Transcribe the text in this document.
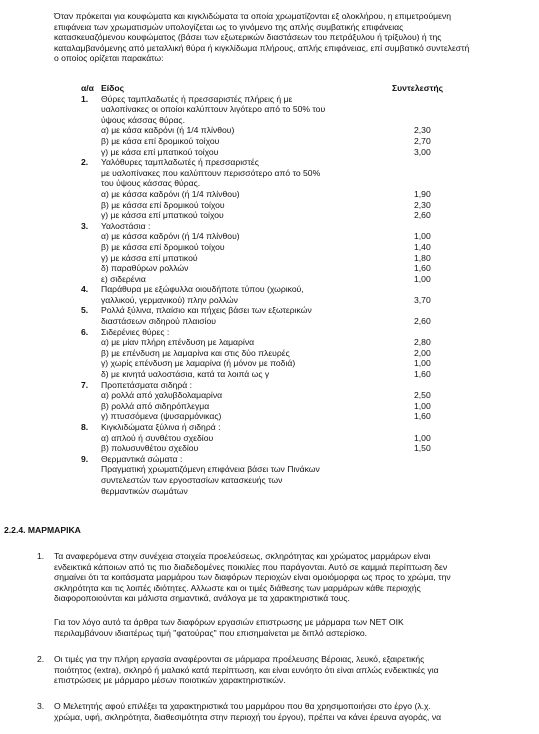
Όταν πρόκειται για κουφώματα και κιγκλιδώματα τα οποία χρωματίζονται εξ ολοκλήρου, η επιμετρούμενη
επιφάνεια των χρωματισμών υπολογίζεται ως το γινόμενο της απλής συμβατικής επιφάνειας
κατασκευαζόμενου κουφώματος (βάσει των εξωτερικών διαστάσεων του πετράξυλου ή τρίξυλου) ή της
καταλαμβανόμενης από μεταλλική θύρα ή κιγκλίδωμα πλήρους, απλής επιφάνειας, επί συμβατικό συντελεστή
ο οποίος ορίζεται παρακάτω:
α/α Είδος	Συντελεστής
1. Θύρες ταμπλαδωτές ή πρεσσαριστές πλήρεις ή με
υαλοπίνακες οι οποίοι καλύπτουν λιγότερο από το 50% του
ύψους κάσσας θύρας.
α) με κάσα καδρόνι (ή 1/4 πλίνθου)	2,30
β) με κάσα επί δρομικού τοίχου	2,70
γ) με κάσα επί μπατικού τοίχου	3,00
2. Υαλόθυρες ταμπλαδωτές ή πρεσσαριστές
με υαλοπίνακες που καλύπτουν περισσότερο από το 50%
του ύψους κάσσας θύρας.
α) με κάσσα καδρόνι (ή 1/4 πλίνθου)	1,90
β) με κάσσα επί δρομικού τοίχου	2,30
γ) με κάσσα επί μπατικού τοίχου	2,60
3. Υαλοστάσια :
α) με κάσσα καδρόνι (ή 1/4 πλίνθου)	1,00
β) με κάσσα επί δρομικού τοίχου	1,40
γ) με κάσσα επί μπατικού	1,80
δ) παραθύρων ρολλών	1,60
ε) σιδερένια	1,00
4. Παράθυρα με εξώφυλλα οιουδήποτε τύπου (χωρικού,
γαλλικού, γερμανικού) πλην ρολλών	3,70
5. Ρολλά ξύλινα, πλαίσιο και πήχεις βάσει των εξωτερικών
διαστάσεων σιδηρού πλαισίου	2,60
6. Σιδερένιες θύρες :
α) με μίαν πλήρη επένδυση με λαμαρίνα	2,80
β) με επένδυση με λαμαρίνα και στις δύο πλευρές	2,00
γ) χωρίς επένδυση με λαμαρίνα (ή μόνον με ποδιά)	1,00
δ) με κινητά υαλοστάσια, κατά τα λοιπά ως γ	1,60
7. Προπετάσματα σιδηρά :
α) ρολλά από χαλυβδολαμαρίνα	2,50
β) ρολλά από σιδηρόπλεγμα	1,00
γ) πτυσσόμενα (ψυσαρμόνικας)	1,60
8. Κιγκλιδώματα ξύλινα ή σιδηρά :
α) απλού ή συνθέτου σχεδίου	1,00
β) πολυσυνθέτου σχεδίου	1,50
9. Θερμαντικά σώματα :
Πραγματική χρωματιζόμενη επιφάνεια βάσει των Πινάκων
συντελεστών των εργοστασίων κατασκευής των
θερμαντικών σωμάτων
2.2.4. ΜΑΡΜΑΡΙΚΑ
1. Τα αναφερόμενα στην συνέχεια στοιχεία προελεύσεως, σκληρότητας και χρώματος μαρμάρων είναι
ενδεικτικά κάποιων από τις πιο διαδεδομένες ποικιλίες που παράγονται. Αυτό σε καμμιά περίπτωση δεν
σημαίνει ότι τα κοιτάσματα μαρμάρου των διαφόρων περιοχών είναι ομοιόμορφα ως προς το χρώμα, την
σκληρότητα και τις λοιπές ιδιότητες. Αλλωστε και οι τιμές διάθεσης των μαρμάρων κάθε περιοχής
διαφοροποιούνται και μάλιστα σημαντικά, ανάλογα με τα χαρακτηριστικά τους.
Για τον λόγο αυτό τα άρθρα των διαφόρων εργασιών επιστρωσης με μάρμαρα των ΝΕΤ ΟΙΚ
περιλαμβάνουν ιδιαιτέρως τιμή "φατούρας" που επισημαίνεται με διπλό αστερίσκο.
2. Οι τιμές για την πλήρη εργασία αναφέρονται σε μάρμαρα προέλευσης Βέροιας, λευκό, εξαιρετικής
ποιότητος (extra), σκληρό ή μαλακό κατά περίπτωση, και είναι ευνόητο ότι είναι απλώς ενδεικτικές για
επιστρώσεις με μάρμαρο μέσων ποιοτικών χαρακτηριστικών.
3. Ο Μελετητής αφού επιλέξει τα χαρακτηριστικά του μαρμάρου που θα χρησιμοποιήσει στο έργο (λ.χ.
χρώμα, υφή, σκληρότητα, διαθεσιμότητα στην περιοχή του έργου), πρέπει να κάνει έρευνα αγοράς, να
